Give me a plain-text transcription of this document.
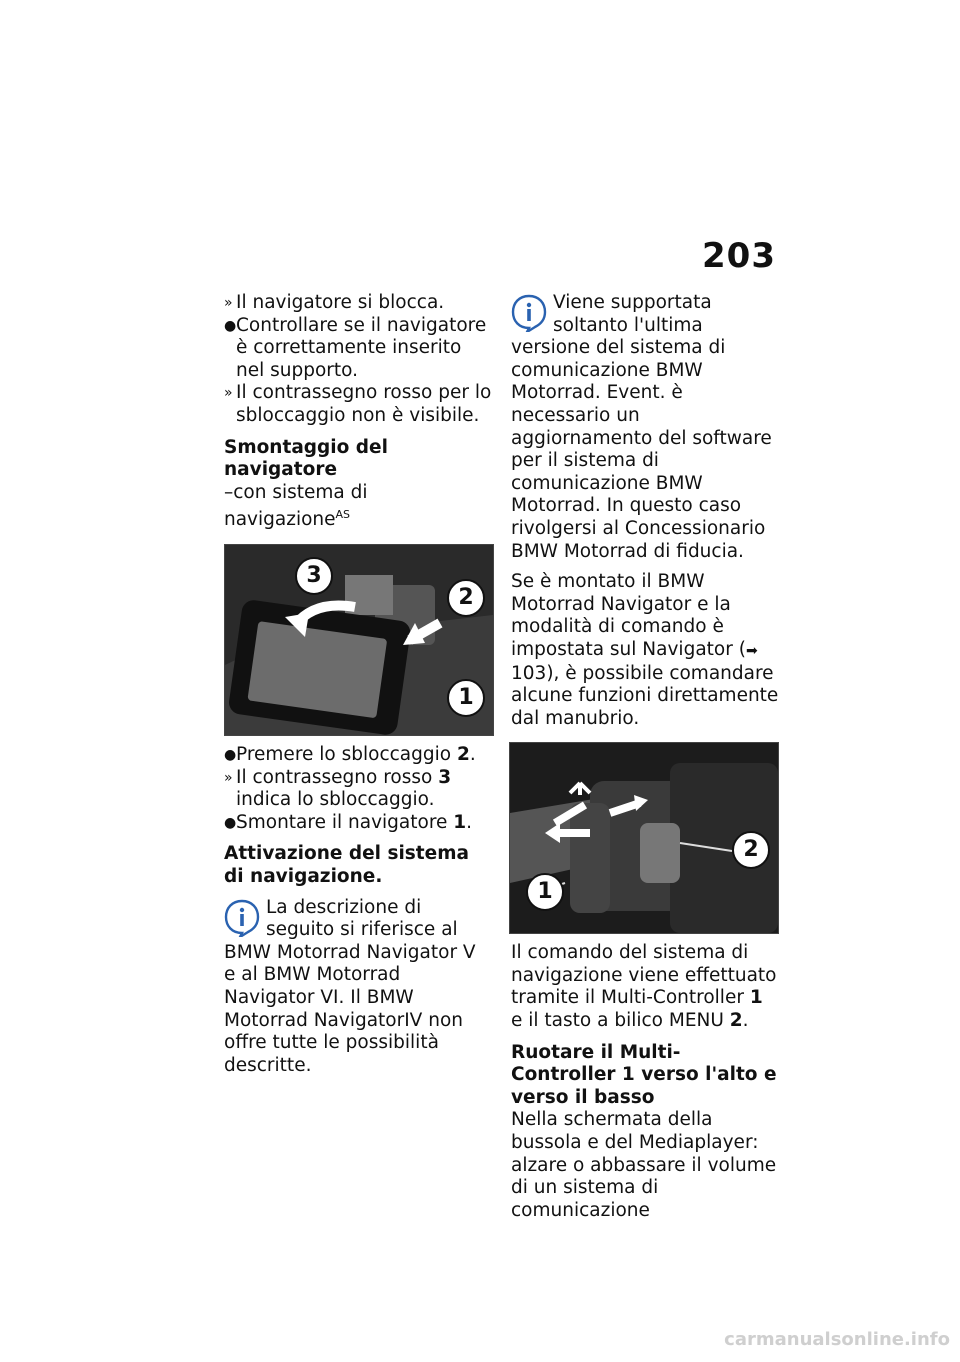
203
» Il navigatore si blocca.
● Controllare se il navigatore è correttamente inserito nel supporto.
» Il contrassegno rosso per lo sbloccaggio non è visibile.
Smontaggio del navigatore
–con sistema di navigazione$^{AS}$
3
2
1
● Premere lo sbloccaggio 2.
» Il contrassegno rosso 3 indica lo sbloccaggio.
● Smontare il navigatore 1.
Attivazione del sistema di navigazione.
La descrizione di seguito si riferisce al BMW Motorrad Navigator V e al BMW Motorrad Navigator VI. Il BMW Motorrad NavigatorIV non offre tutte le possibilità descritte.
Viene supportata soltanto l'ultima versione del sistema di comunicazione BMW Motorrad. Event. è necessario un aggiornamento del software per il sistema di comunicazione BMW Motorrad. In questo caso rivolgersi al Concessionario BMW Motorrad di fiducia.
Se è montato il BMW Motorrad Navigator e la modalità di comando è impostata sul Navigator (➡ 103), è possibile comandare alcune funzioni direttamente dal manubrio.
1
2
Il comando del sistema di navigazione viene effettuato tramite il Multi-Controller 1 e il tasto a bilico MENU 2.
Ruotare il Multi-Controller 1 verso l'alto e verso il basso
Nella schermata della bussola e del Mediaplayer: alzare o abbassare il volume di un sistema di comunicazione
carmanualsonline.info
